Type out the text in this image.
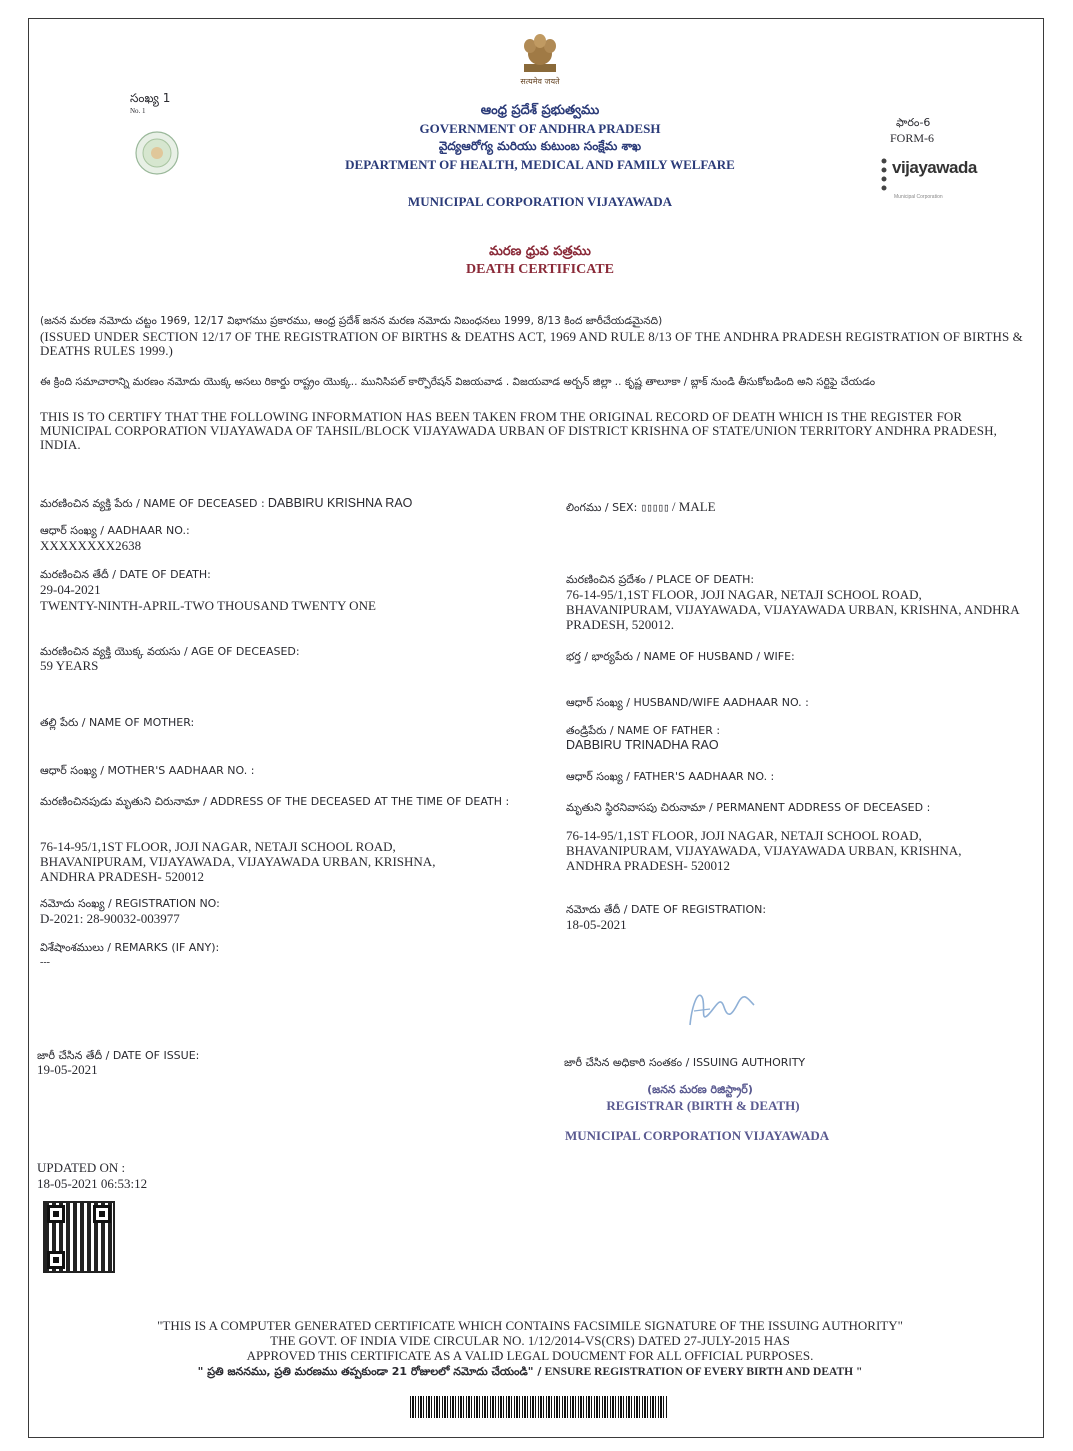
सत्यमेव जयते
సంఖ్య 1
No. 1	ఆంధ్ర ప్రదేశ్ ప్రభుత్వము
GOVERNMENT OF ANDHRA PRADESH
వైద్యఆరోగ్య మరియు కుటుంబ సంక్షేమ శాఖ
DEPARTMENT OF HEALTH, MEDICAL AND FAMILY WELFARE
MUNICIPAL CORPORATION VIJAYAWADA
ఫారం-6
FORM-6
vijayawada
Municipal Corporation
మరణ ధ్రువ పత్రము
DEATH CERTIFICATE
(జనన మరణ నమోదు చట్టం 1969, 12/17 విభాగము ప్రకారము, ఆంధ్ర ప్రదేశ్ జనన మరణ నమోదు నిబంధనలు 1999, 8/13 కింద జారీచేయడమైనది)
(ISSUED UNDER SECTION 12/17 OF THE REGISTRATION OF BIRTHS & DEATHS ACT, 1969 AND RULE 8/13 OF THE ANDHRA PRADESH REGISTRATION OF BIRTHS & DEATHS RULES 1999.)
ఈ క్రింది సమాచారాన్ని మరణం నమోదు యొక్క అసలు రికార్డు రాష్ట్రం యొక్క.. మునిసిపల్ కార్పొరేషన్ విజయవాడ . విజయవాడ అర్బన్ జిల్లా .. కృష్ణ తాలూకా / బ్లాక్ నుండి తీసుకోబడింది అని సర్టిఫై చేయడం
THIS IS TO CERTIFY THAT THE FOLLOWING INFORMATION HAS BEEN TAKEN FROM THE ORIGINAL RECORD OF DEATH WHICH IS THE REGISTER FOR MUNICIPAL CORPORATION VIJAYAWADA OF TAHSIL/BLOCK VIJAYAWADA URBAN OF DISTRICT KRISHNA OF STATE/UNION TERRITORY ANDHRA PRADESH, INDIA.
మరణించిన వ్యక్తి పేరు / NAME OF DECEASED : DABBIRU KRISHNA RAO
ఆధార్ సంఖ్య / AADHAAR NO.:
XXXXXXXX2638
మరణించిన తేదీ / DATE OF DEATH:
29-04-2021
TWENTY-NINTH-APRIL-TWO THOUSAND TWENTY ONE
మరణించిన వ్యక్తి యొక్క వయసు / AGE OF DECEASED:
59 YEARS
తల్లి పేరు / NAME OF MOTHER:
ఆధార్ సంఖ్య / MOTHER'S AADHAAR NO. :
మరణించినపుడు మృతుని చిరునామా / ADDRESS OF THE DECEASED AT THE TIME OF DEATH :
76-14-95/1,1ST FLOOR, JOJI NAGAR, NETAJI SCHOOL ROAD,
BHAVANIPURAM, VIJAYAWADA, VIJAYAWADA URBAN, KRISHNA,
ANDHRA PRADESH- 520012
నమోదు సంఖ్య / REGISTRATION NO:
D-2021: 28-90032-003977
విశేషాంశములు / REMARKS (IF ANY):
---
జారీ చేసిన తేదీ / DATE OF ISSUE:
19-05-2021
UPDATED ON :
18-05-2021 06:53:12
లింగము / SEX: ▯▯▯▯▯ / MALE
మరణించిన ప్రదేశం / PLACE OF DEATH:
76-14-95/1,1ST FLOOR, JOJI NAGAR, NETAJI SCHOOL ROAD,
BHAVANIPURAM, VIJAYAWADA, VIJAYAWADA URBAN, KRISHNA, ANDHRA
PRADESH, 520012.
భర్త / భార్యపేరు / NAME OF HUSBAND / WIFE:
ఆధార్ సంఖ్య / HUSBAND/WIFE AADHAAR NO. :
తండ్రిపేరు / NAME OF FATHER :
DABBIRU TRINADHA RAO
ఆధార్ సంఖ్య / FATHER'S AADHAAR NO. :
మృతుని స్థిరనివాసపు చిరునామా / PERMANENT ADDRESS OF DECEASED :
76-14-95/1,1ST FLOOR, JOJI NAGAR, NETAJI SCHOOL ROAD,
BHAVANIPURAM, VIJAYAWADA, VIJAYAWADA URBAN, KRISHNA,
ANDHRA PRADESH- 520012
నమోదు తేదీ / DATE OF REGISTRATION:
18-05-2021
జారీ చేసిన అధికారి సంతకం / ISSUING AUTHORITY
(జనన మరణ రిజిస్ట్రార్)
REGISTRAR (BIRTH & DEATH)
MUNICIPAL CORPORATION VIJAYAWADA
"THIS IS A COMPUTER GENERATED CERTIFICATE WHICH CONTAINS FACSIMILE SIGNATURE OF THE ISSUING AUTHORITY"
THE GOVT. OF INDIA VIDE CIRCULAR NO. 1/12/2014-VS(CRS) DATED 27-JULY-2015 HAS
APPROVED THIS CERTIFICATE AS A VALID LEGAL DOUCMENT FOR ALL OFFICIAL PURPOSES.
" ప్రతి జననము, ప్రతి మరణము తప్పకుండా 21 రోజులలో నమోదు చేయండి" / ENSURE REGISTRATION OF EVERY BIRTH AND DEATH "
